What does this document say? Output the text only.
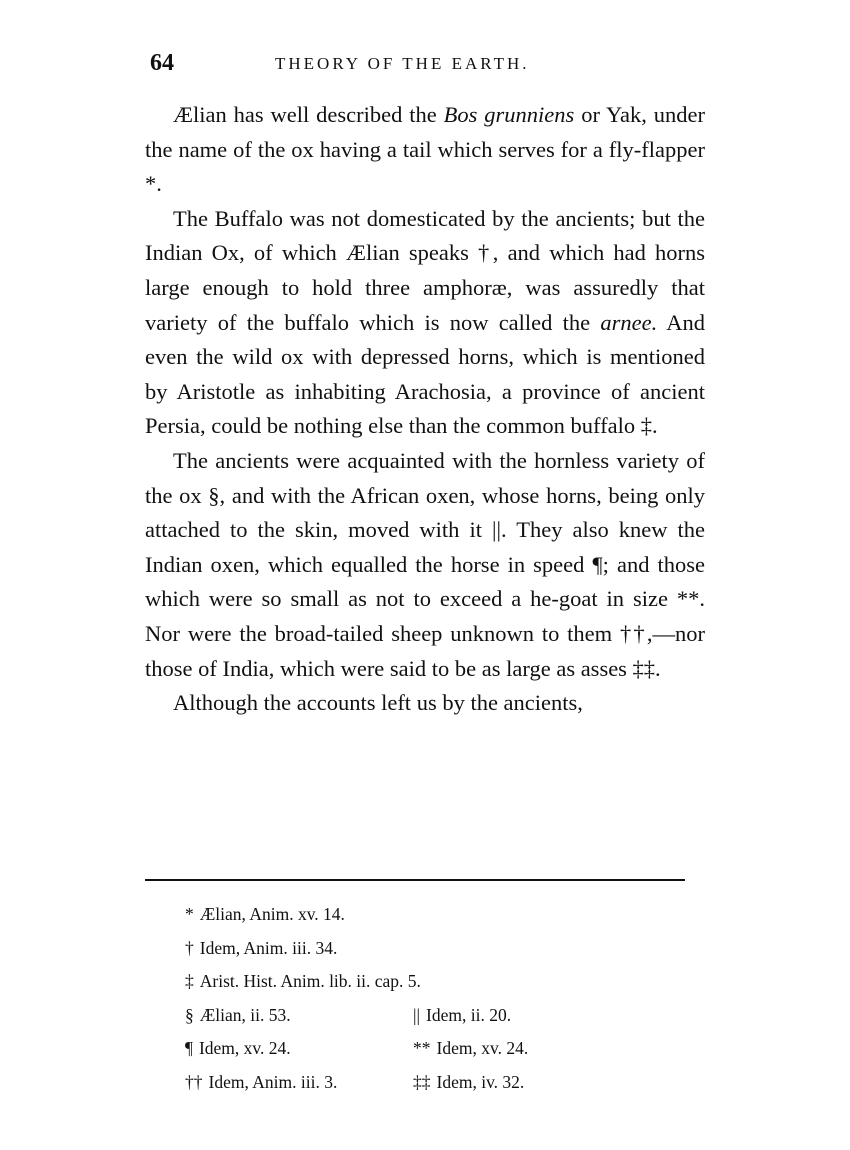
64	THEORY OF THE EARTH.

Ælian has well described the Bos grunniens or Yak, under the name of the ox having a tail which serves for a fly-flapper *.

The Buffalo was not domesticated by the ancients; but the Indian Ox, of which Ælian speaks †, and which had horns large enough to hold three amphoræ, was assuredly that variety of the buffalo which is now called the arnee. And even the wild ox with depressed horns, which is mentioned by Aristotle as inhabiting Arachosia, a province of ancient Persia, could be nothing else than the common buffalo ‡.

The ancients were acquainted with the hornless variety of the ox §, and with the African oxen, whose horns, being only attached to the skin, moved with it ||. They also knew the Indian oxen, which equalled the horse in speed ¶; and those which were so small as not to exceed a he-goat in size **. Nor were the broad-tailed sheep unknown to them ††,—nor those of India, which were said to be as large as asses ‡‡.

Although the accounts left us by the ancients,

* Ælian, Anim. xv. 14.
† Idem, Anim. iii. 34.
‡ Arist. Hist. Anim. lib. ii. cap. 5.
§ Ælian, ii. 53.	|| Idem, ii. 20.
¶ Idem, xv. 24.	** Idem, xv. 24.
†† Idem, Anim. iii. 3.	‡‡ Idem, iv. 32.
